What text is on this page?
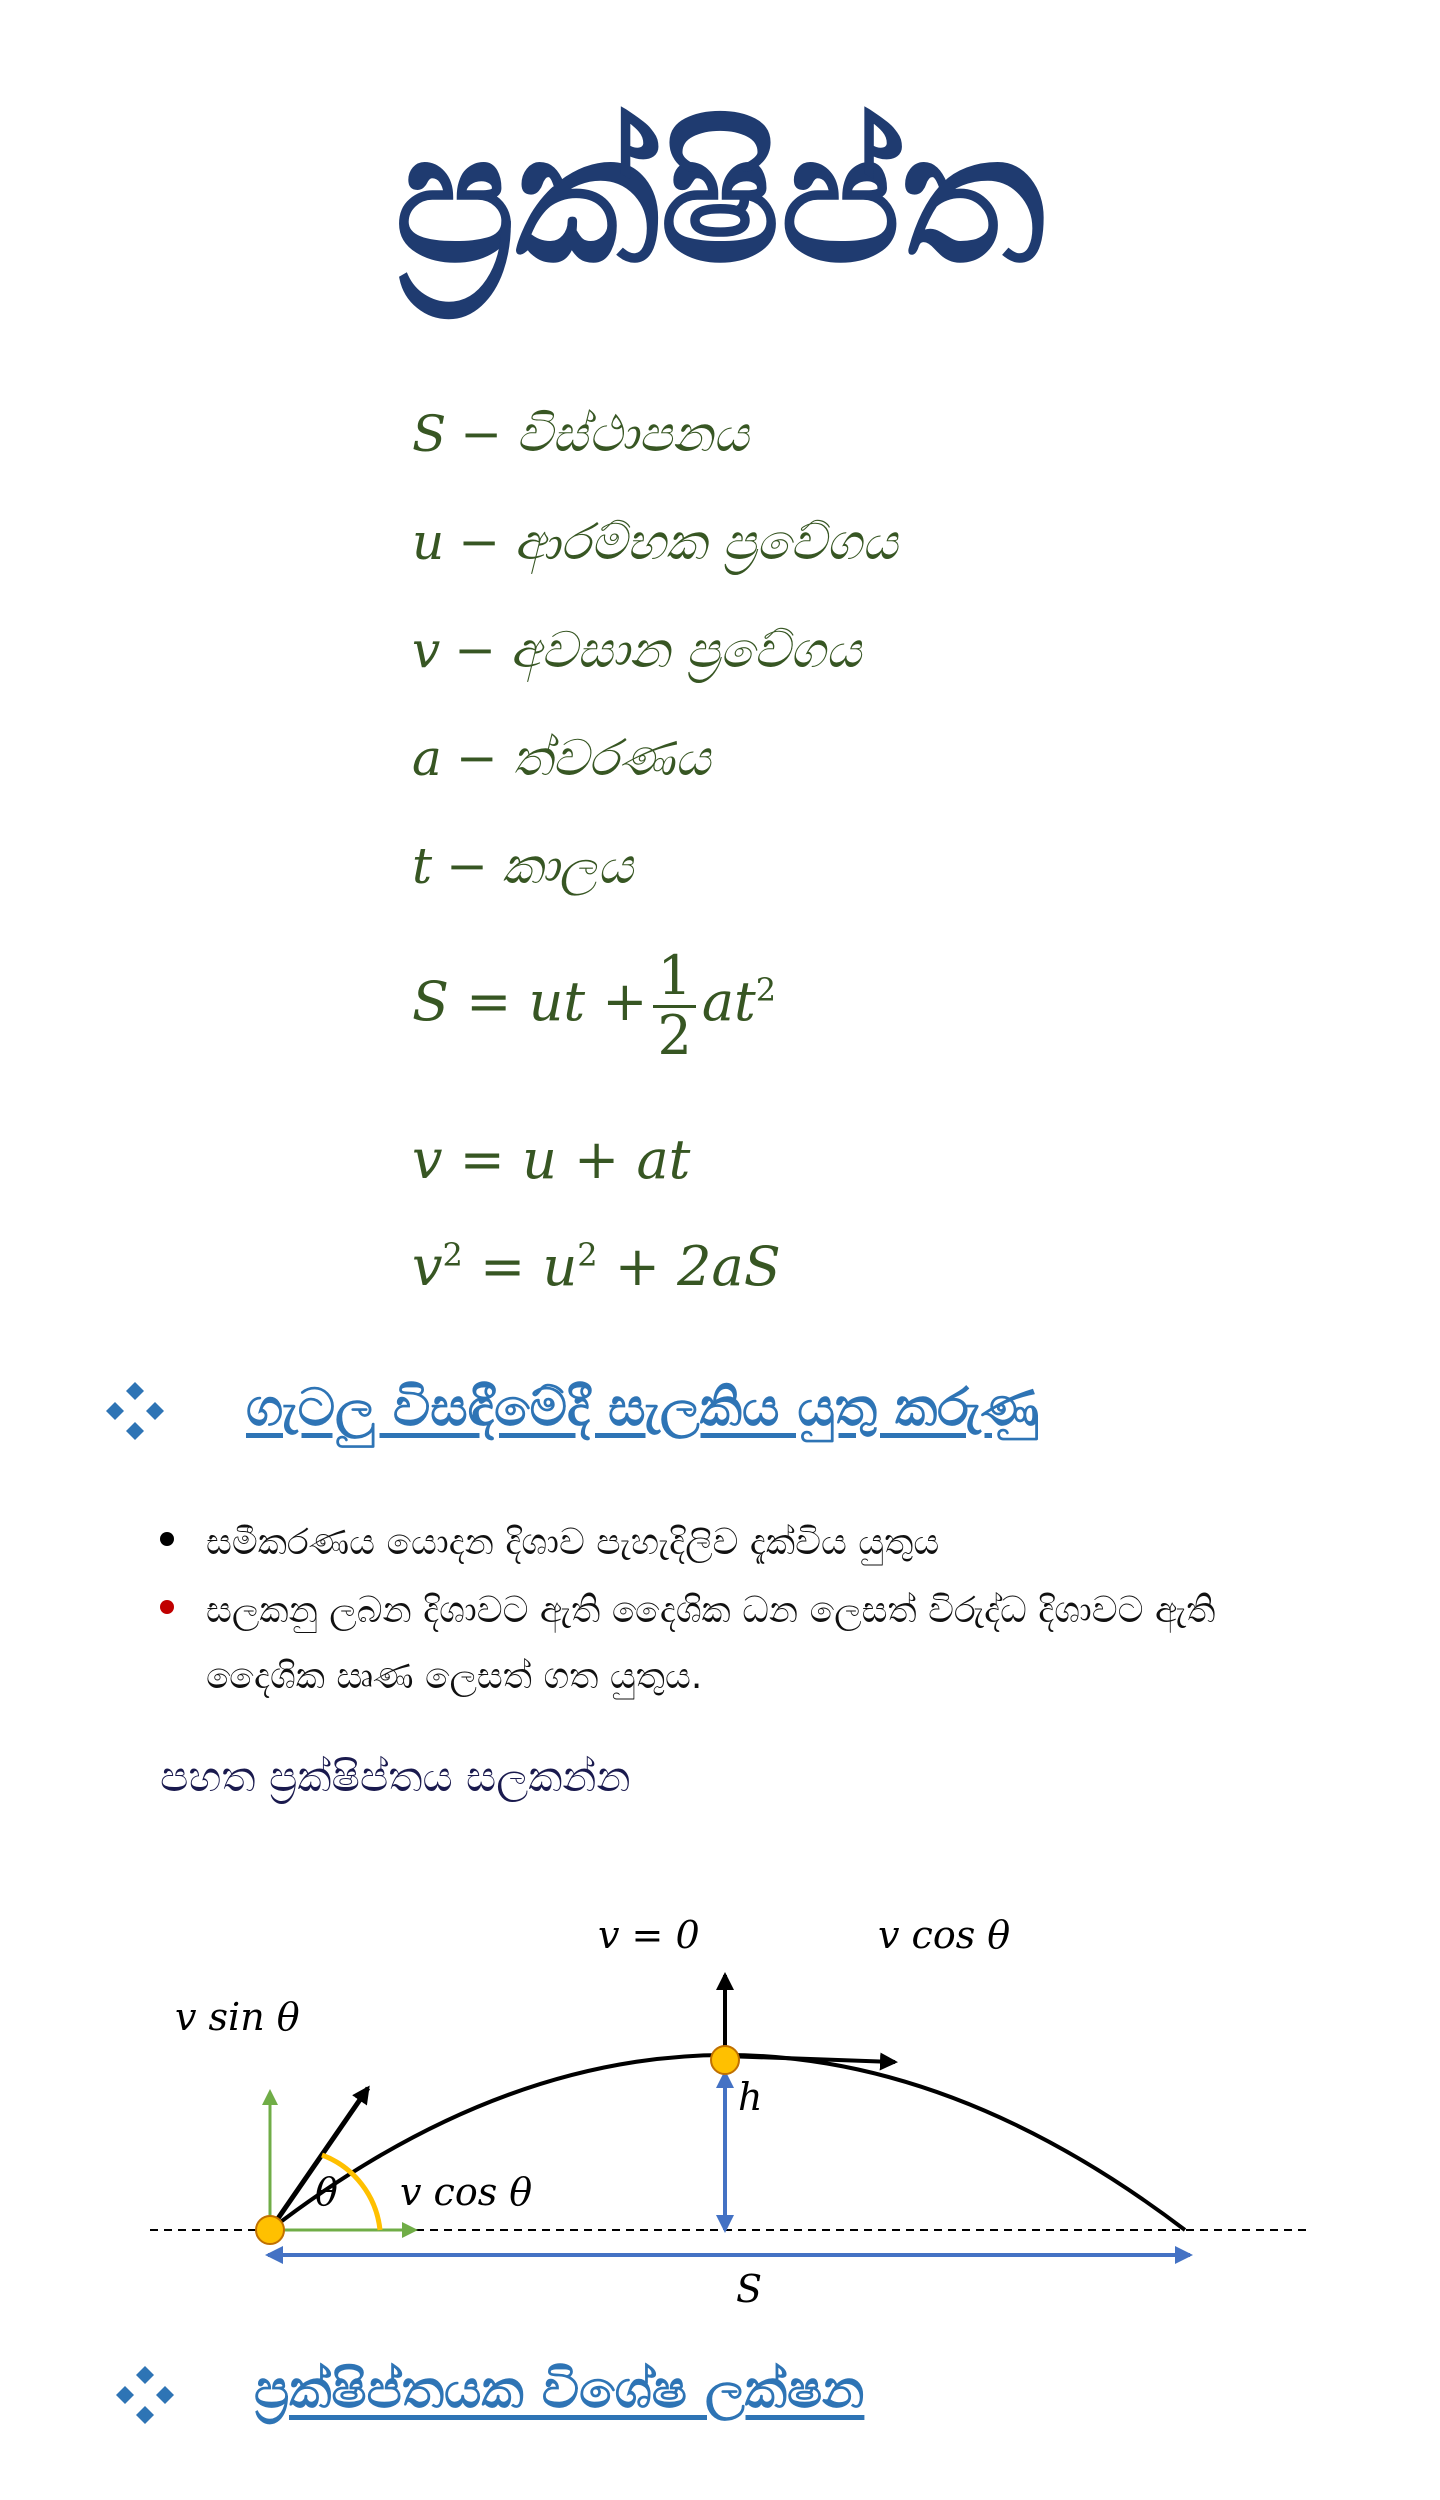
ප්‍රක්ෂිප්ත
S − විස්ථාපනය
u − ආරම්භක ප්‍රවේගය
v − අවසාන ප්‍රවේගය
a − ත්වරණය
t − කාලය
S = ut + $\frac{1}{2} at^2$
v = u + at
$v^2 = u^2 + 2aS$
ගැටලු විසඳීමේදී සැලකිය යුතු කරුණු
සමීකරණය යොදන දිශාව පැහැදිලිව දැක්විය යුතුය
සලකනු ලබන දිශාවට ඇති දෛශික ධන ලෙසත් විරුද්ධ දිශාවට ඇති දෛශික ඍණ ලෙසත් ගත යුතුය.
පහත ප්‍රක්ෂිප්තය සලකන්න
v = 0	v cos θ
v sin θ
h
θ v cos θ
S
ප්‍රක්ෂිප්තයක විශේෂ ලක්ෂන
